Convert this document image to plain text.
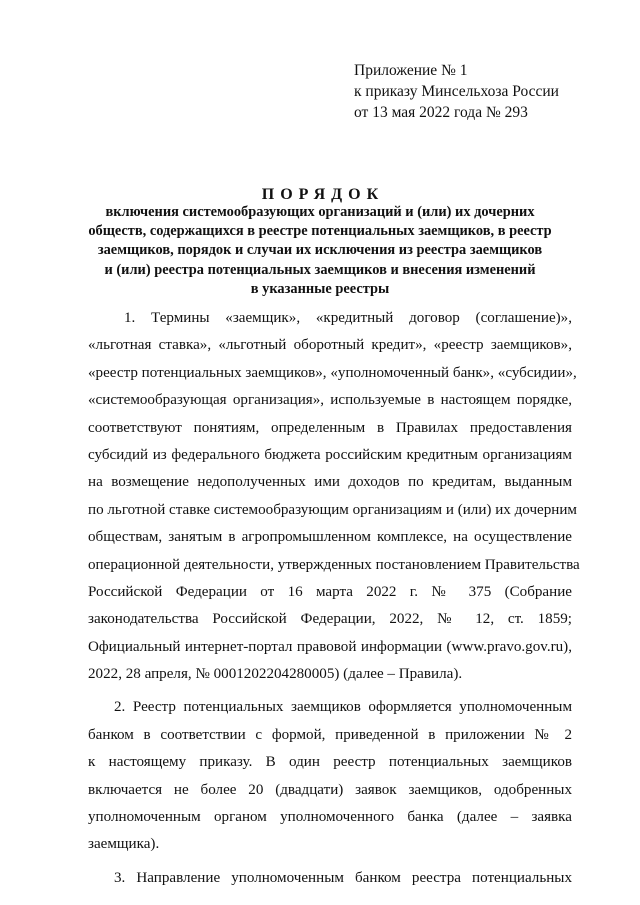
Приложение № 1
к приказу Минсельхоза России
от 13 мая 2022 года № 293
ПОРЯДОК
включения системообразующих организаций и (или) их дочерних
обществ, содержащихся в реестре потенциальных заемщиков, в реестр
заемщиков, порядок и случаи их исключения из реестра заемщиков
и (или) реестра потенциальных заемщиков и внесения изменений
в указанные реестры
1. Термины «заемщик», «кредитный договор (соглашение)»,
«льготная ставка», «льготный оборотный кредит», «реестр заемщиков»,
«реестр потенциальных заемщиков», «уполномоченный банк», «субсидии»,
«системообразующая организация», используемые в настоящем порядке,
соответствуют понятиям, определенным в Правилах предоставления
субсидий из федерального бюджета российским кредитным организациям
на возмещение недополученных ими доходов по кредитам, выданным
по льготной ставке системообразующим организациям и (или) их дочерним
обществам, занятым в агропромышленном комплексе, на осуществление
операционной деятельности, утвержденных постановлением Правительства
Российской Федерации от 16 марта 2022 г. № 375 (Собрание
законодательства Российской Федерации, 2022, № 12, ст. 1859;
Официальный интернет-портал правовой информации (www.pravo.gov.ru),
2022, 28 апреля, № 0001202204280005) (далее – Правила).
2. Реестр потенциальных заемщиков оформляется уполномоченным
банком в соответствии с формой, приведенной в приложении № 2
к настоящему приказу. В один реестр потенциальных заемщиков
включается не более 20 (двадцати) заявок заемщиков, одобренных
уполномоченным органом уполномоченного банка (далее – заявка
заемщика).
3. Направление уполномоченным банком реестра потенциальных
